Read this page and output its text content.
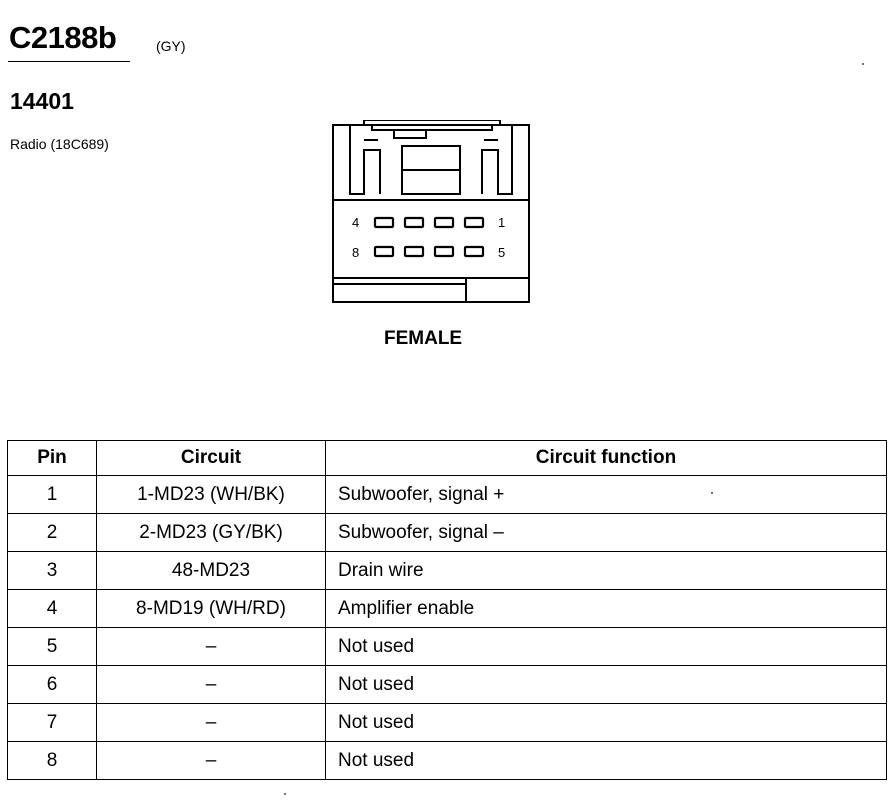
C2188b	(GY)
14401
Radio (18C689)
4	1
8	5
FEMALE
Pin	Circuit	Circuit function
1	1-MD23 (WH/BK)	Subwoofer, signal +
2	2-MD23 (GY/BK)	Subwoofer, signal –
3	48-MD23	Drain wire
4	8-MD19 (WH/RD)	Amplifier enable
5	–	Not used
6	–	Not used
7	–	Not used
8	–	Not used
